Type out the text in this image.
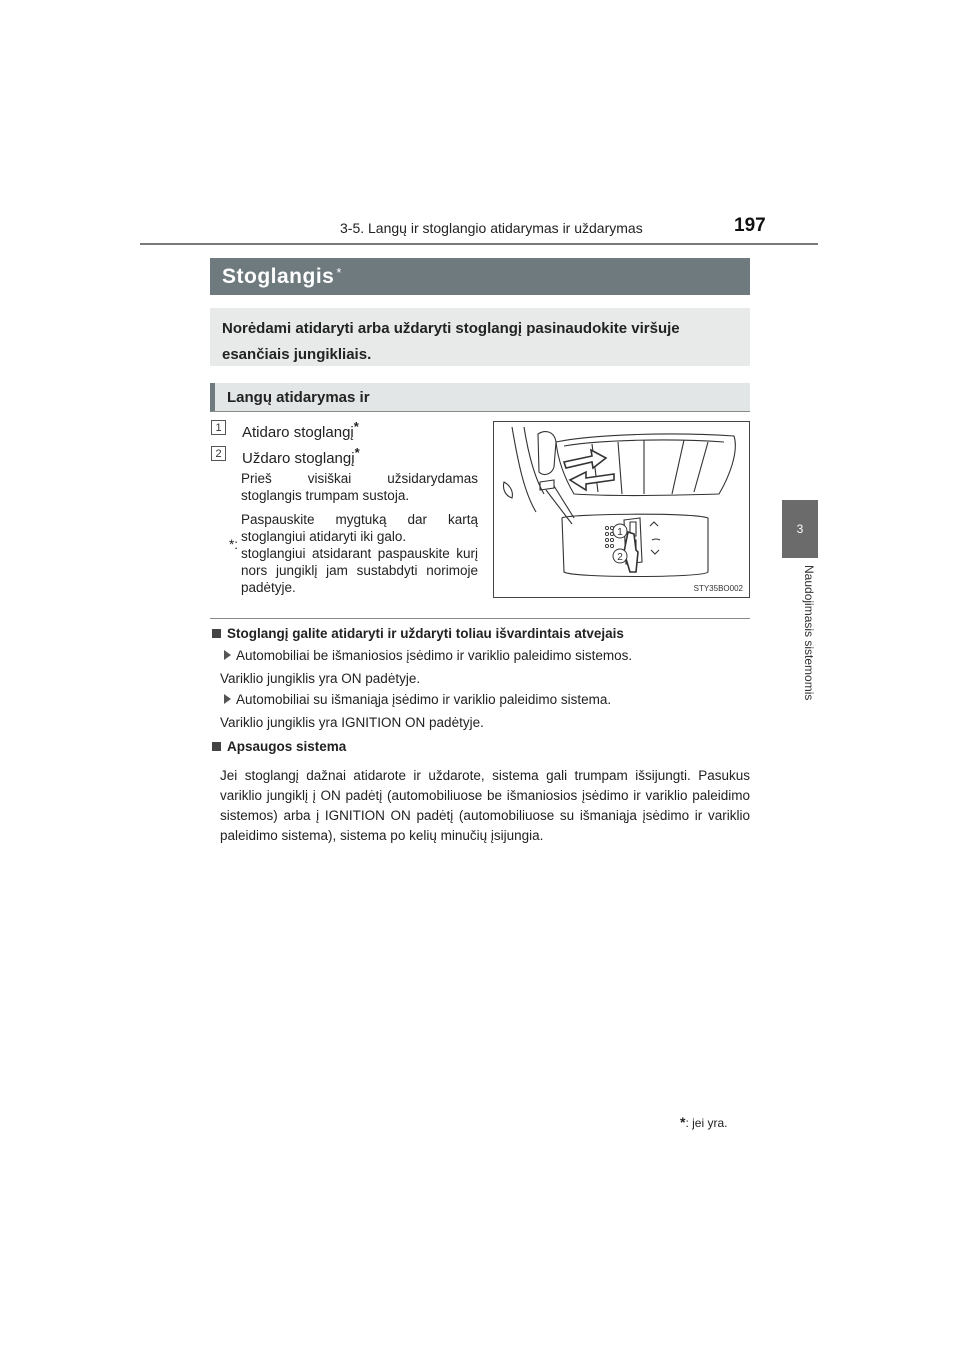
3-5. Langų ir stoglangio atidarymas ir uždarymas	197
3
Naudojimasis sistemomis
Stoglangis*
Norėdami atidaryti arba uždaryti stoglangį pasinaudokite viršuje esančiais jungikliais.
Langų atidarymas ir
1 Atidaro stoglangį*
2 Uždaro stoglangį*

Prieš visiškai užsidarydamas stoglangis trumpam sustoja.

Paspauskite mygtuką dar kartą stoglangiui atidaryti iki galo.

stoglangiui atsidarant paspauskite kurį nors jungiklį jam sustabdyti norimoje padėtyje.

*:
1
2
STY35BO002
Stoglangį galite atidaryti ir uždaryti toliau išvardintais atvejais
Automobiliai be išmaniosios įsėdimo ir variklio paleidimo sistemos.
Variklio jungiklis yra ON padėtyje.
Automobiliai su išmaniąja įsėdimo ir variklio paleidimo sistema.
Variklio jungiklis yra IGNITION ON padėtyje.
Apsaugos sistema
Jei stoglangį dažnai atidarote ir uždarote, sistema gali trumpam išsijungti. Pasukus variklio jungiklį į ON padėtį (automobiliuose be išmaniosios įsėdimo ir variklio paleidimo sistemos) arba į IGNITION ON padėtį (automobiliuose su išmaniąja įsėdimo ir variklio paleidimo sistema), sistema po kelių minučių įsijungia.
*: jei yra.
